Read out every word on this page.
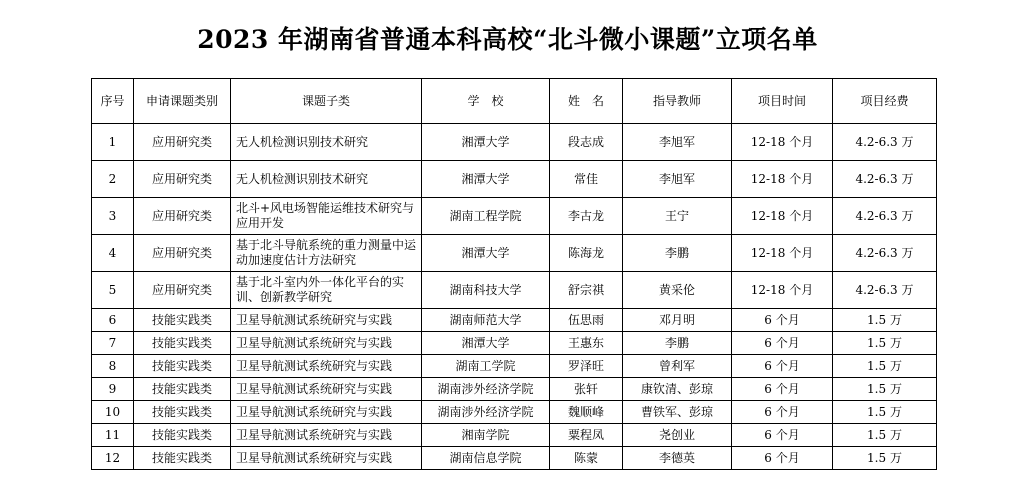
2023 年湖南省普通本科高校“北斗微小课题”立项名单
序号	申请课题类别	课题子类	学　校	姓　名	指导教师	项目时间	项目经费
1	应用研究类	无人机检测识别技术研究	湘潭大学	段志成	李旭军	12-18 个月	4.2-6.3 万
2	应用研究类	无人机检测识别技术研究	湘潭大学	常佳	李旭军	12-18 个月	4.2-6.3 万
3	应用研究类	北斗+风电场智能运维技术研究与应用开发	湖南工程学院	李古龙	王宁	12-18 个月	4.2-6.3 万
4	应用研究类	基于北斗导航系统的重力测量中运动加速度估计方法研究	湘潭大学	陈海龙	李鹏	12-18 个月	4.2-6.3 万
5	应用研究类	基于北斗室内外一体化平台的实训、创新教学研究	湖南科技大学	舒宗祺	黄采伦	12-18 个月	4.2-6.3 万
6	技能实践类	卫星导航测试系统研究与实践	湖南师范大学	伍思雨	邓月明	6 个月	1.5 万
7	技能实践类	卫星导航测试系统研究与实践	湘潭大学	王惠东	李鹏	6 个月	1.5 万
8	技能实践类	卫星导航测试系统研究与实践	湖南工学院	罗泽旺	曾利军	6 个月	1.5 万
9	技能实践类	卫星导航测试系统研究与实践	湖南涉外经济学院	张轩	康钦清、彭琼	6 个月	1.5 万
10	技能实践类	卫星导航测试系统研究与实践	湖南涉外经济学院	魏顺峰	曹铁军、彭琼	6 个月	1.5 万
11	技能实践类	卫星导航测试系统研究与实践	湘南学院	粟程凤	尧创业	6 个月	1.5 万
12	技能实践类	卫星导航测试系统研究与实践	湖南信息学院	陈蒙	李德英	6 个月	1.5 万
